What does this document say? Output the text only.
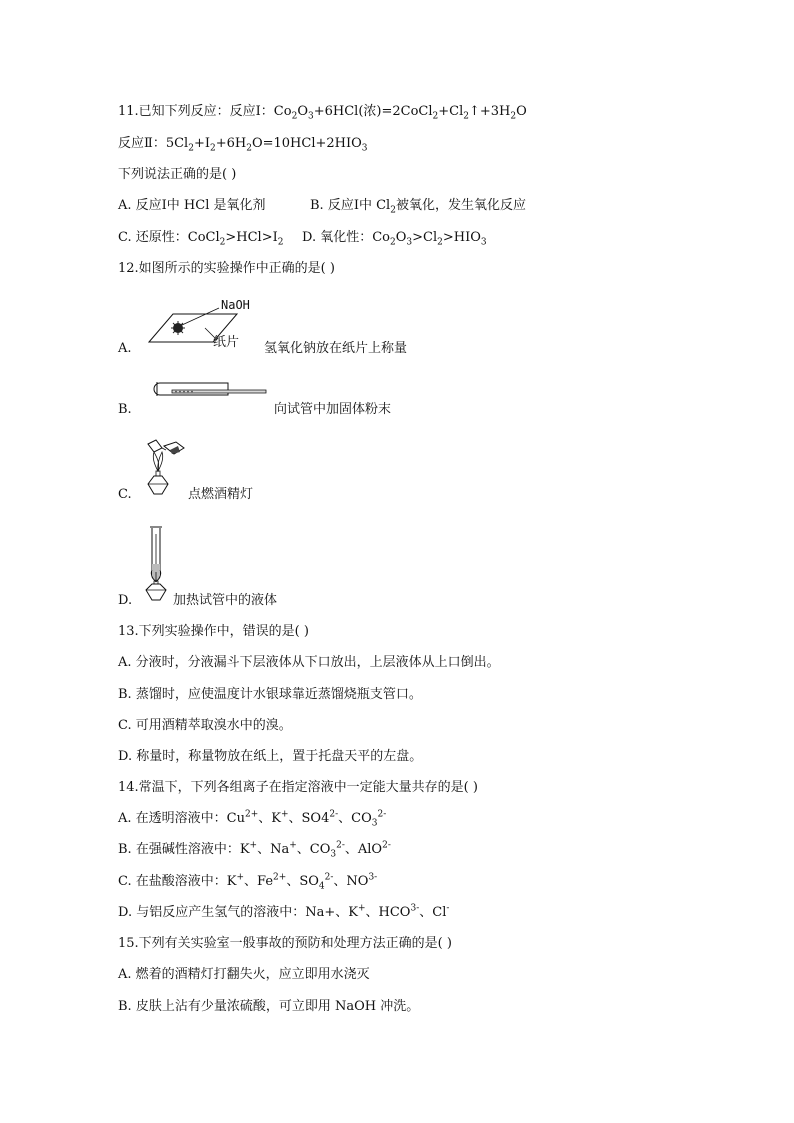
11.已知下列反应：反应Ⅰ：$Co_2O_3+6HCl$(浓)$=2CoCl_2+Cl_2↑+3H_2O$
反应Ⅱ：$5Cl_2+I_2+6H_2O=10HCl+2HIO_3$
下列说法正确的是( )
A. 反应Ⅰ中 HCl 是氧化剂	B. 反应Ⅰ中 $Cl_2$被氧化，发生氧化反应
C. 还原性：$CoCl_2>HCl>I_2$ D. 氧化性：$Co_2O_3>Cl_2>HIO_3$
12.如图所示的实验操作中正确的是( )
A.
NaOH
纸片 氢氧化钠放在纸片上称量
B.	向试管中加固体粉末
C.	点燃酒精灯
D.	加热试管中的液体
13.下列实验操作中，错误的是( )
A. 分液时，分液漏斗下层液体从下口放出，上层液体从上口倒出。
B. 蒸馏时，应使温度计水银球靠近蒸馏烧瓶支管口。
C. 可用酒精萃取溴水中的溴。
D. 称量时，称量物放在纸上，置于托盘天平的左盘。
14.常温下，下列各组离子在指定溶液中一定能大量共存的是( )
A. 在透明溶液中：$Cu^{2+}$、K+、$SO4^{2-}$、$CO_3^{2-}$
B. 在强碱性溶液中：K+、Na+、$CO_3^{2-}$、AlO$^{2-}$
C. 在盐酸溶液中：K+、$Fe^{2+}$、$SO_4^{2-}$、$NO^{3-}$
D. 与铝反应产生氢气的溶液中：Na+、K+、$HCO^{3-}$、Cl-
15.下列有关实验室一般事故的预防和处理方法正确的是( )
A. 燃着的酒精灯打翻失火，应立即用水浇灭
B. 皮肤上沾有少量浓硫酸，可立即用 NaOH 冲洗。
